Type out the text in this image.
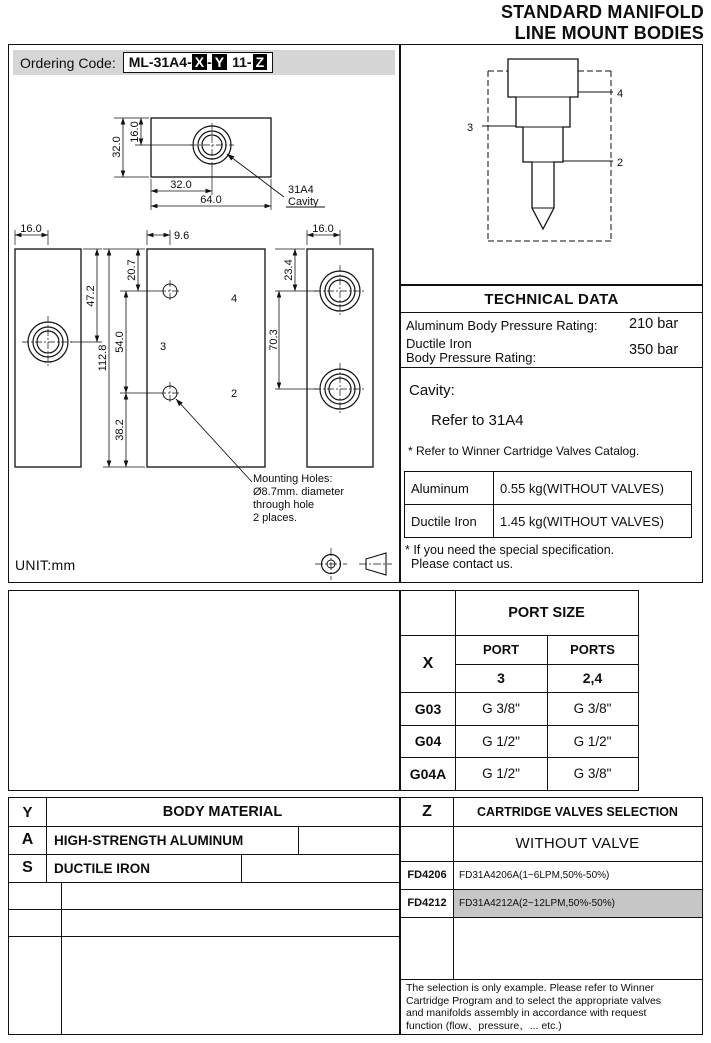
STANDARD MANIFOLD
LINE MOUNT BODIES
32.0
16.0
32.0
64.0
16.0
47.2
9.6
20.7
54.0
38.2
112.8
16.0
23.4
70.3
4
3
2
31A4
Cavity
Ordering Code: ML-31A4- X - Y 11- Z
Mounting Holes:
Ø8.7mm. diameter
through hole
2 places.
UNIT:mm
4
3
2
TECHNICAL DATA
Aluminum Body Pressure Rating: 210 bar
Ductile Iron
Body Pressure Rating:	350 bar
Cavity:
Refer to 31A4
* Refer to Winner Cartridge Valves Catalog.
Aluminum	0.55 kg(WITHOUT VALVES)
Ductile Iron	1.45 kg(WITHOUT VALVES)
* If you need the special specification.
Please contact us.
PORT SIZE
X
PORT	PORTS
3	2,4
G03	G 3/8"	G 3/8"
G04	G 1/2"	G 1/2"
G04A	G 1/2"	G 3/8"
Y	BODY MATERIAL
A	HIGH-STRENGTH ALUMINUM
S	DUCTILE IRON
Z	CARTRIDGE VALVES SELECTION
WITHOUT VALVE
FD4206	FD31A4206A(1~6LPM,50%-50%)
FD4212	FD31A4212A(2~12LPM,50%-50%)
The selection is only example. Please refer to Winner
Cartridge Program and to select the appropriate valves
and manifolds assembly in accordance with request
function (flow、pressure、... etc.)
